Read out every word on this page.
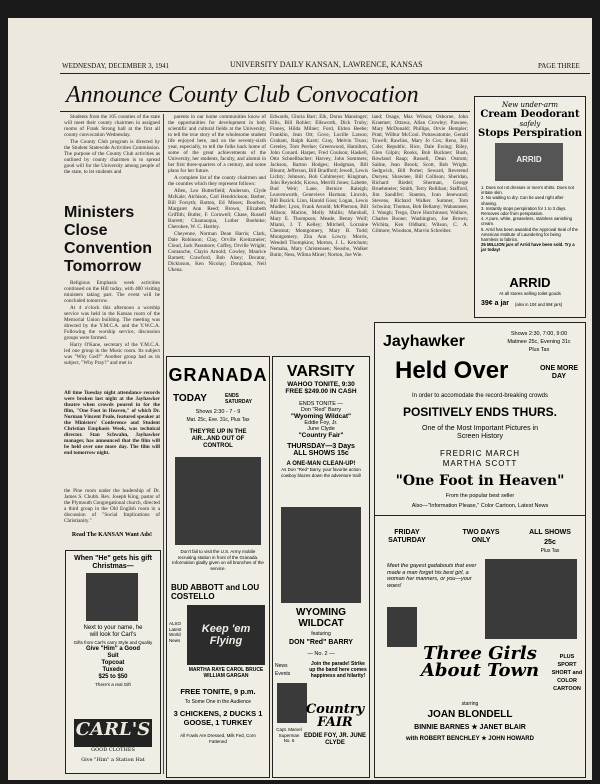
WEDNESDAY, DECEMBER 3, 1941	UNIVERSITY DAILY KANSAN, LAWRENCE, KANSAS	PAGE THREE
Announce County Club Convocation

Students from the 105 counties of the state will meet their county chairmen in assigned rooms of Frank Strong hall at the first all county convocation Wednesday.

The County Club program is directed by the Student Statewide Activities Commission. The purpose of the County Club activities as outlined by county chairmen is to spread good will for the University among people of the state, to let students and

Ministers Close Convention Tomorrow

Religious Emphasis week activities continued on the Hill today, with 400 visiting ministers taking part. The event will be concluded tomorrow.

At 4 o'clock this afternoon a worship service was held in the Kansas room of the Memorial Union building. The meeting was directed by the Y.M.C.A. and the Y.W.C.A. Following the worship service, discussion groups were formed.

Harry O'Kane, secretary of the Y.M.C.A. led one group in the Music room. Its subject was "Why God?" Another group had as its subject, "Why Pray?" and met in

All time Tuesday night attendance records were broken last night at the Jayhawker theatre when crowds poured in for the film, "One Foot in Heaven," of which Dr. Norman Vincent Peale, featured speaker at the Ministers' Conference and Student Christian Emphasis Week, was technical director. Stan Schwahn, Jayhawker manager, has announced that the film will be held over one more day. The film will end tomorrow night.
the Pine room under the leadership of Dr. James S. Chubb. Rev. Joseph King, pastor of the Plymouth Congregational church, directed a third group in the Old English room in a discussion of "Social Implications of Christianity."
Read The KANSAN Want Ads!
When "He" gets his gift Christmas—
Next to your name, he
will look for Carl's
Gifts from Carl's carry Style and Quality
Give "Him" a Good
Suit
Topcoat
Tuxedo
$25 to $50
There's a real Gift
CARL'S
GOOD CLOTHES
Give "Him" a Station Hat

parents in our home communities know of the opportunities for development in both scientific and cultural fields at the University, to tell the true story of the wholesome student life enjoyed here, and on the seventy-sixth year, especially, to tell the folks back home of some of the great achievements of the University, her students, faculty, and alumni in her first three-quarters of a century, and some plans for her future.

A complete list of the county chairmen and the counties which they represent follows:

Allen, Leo Butterfield; Anderson, Clyde McKale; Atchison, Carl Hendrickson; Barber, Bill Forsyth; Barton, Ed Moses; Bourbon, Margaret Ann Reed; Brown, Elizabeth Griffith; Butler, F. Cornwell; Chase, Russell Barrett; Chautauqua, Luther Boehnke; Cherokee, W. C. Hartley.

Cheyenne, Norman Dean Harris; Clark, Dale Robinson; Clay, Orville Kreitzmeier; Cloud, Jack Passmore; Coffey, Orville Wright; Comanche, Clayin Arnold; Cowley, Maurice Barnett; Crawford, Bob Alsey; Decatur, Dickinson, Ken Nicolay; Doniphan, Neil Ukena.

Edwards, Gloria Barr; Elk, Dorus Mansinger; Ellis, Bill Rohler; Ellsworth, Dick Truby; Finney, Hilda Milner; Ford, Eldon Beebe; Franklin, Jean Ott; Gove, Lucille Larson; Graham, Ralph Karst; Gray, Melvin Truax; Greeley, Tom Perdue; Greenwood, Hamilton, John Conard. Harper, Fred Coulson; Haskell, Otto Schnellbacher; Harvey, John Sommers; Jackson, Barton Hodges; Hodgman, Bill Blount; Jefferson, Bill Bradford; Jewell, Lewis Lichty; Johnson, Bob Cohlmeyer; Kingman, John Reynolds; Kiowa, Merrill Jones; Labette, Bud Weir; Lane, Bernice Raleigh; Leavenworth, Genevieve Harman; Lincoln, Bill Bozick. Linn, Harold Goss; Logan, Lewis Mudler; Lyon, Frank Arnold; McPherson, Bill Allison; Marion, Molly Mullis; Marshall, Mary E. Thompson; Meade, Benny Wolf; Miami, J. T. Kelley; Mitchell, Lorraine Chestnut; Montgomery, Mary B. Todd; Montgomery, Zita Ann Lowry. Morris, Wendell Thompkins; Morton, J. L. Ketchum; Nemaha, Mary Christensen; Neosho, Walker Butin; Ness, Wilma Miner; Norton, Joe Wie.
land; Osage, Max Wilson; Osborne, John Kraemer; Ottawa, Allan Crowley; Pawnee, Mary McDonald; Phillips, Orvie Hempler; Pratt, Wilbur McCool. Pottawatomie, Gerald Towell; Rawlins, Mary Jo Cox; Reno, Bill Cole; Republic, Rice, Dale Ewing; Riley, Glen Gilpin; Rooks, Bob Buckner; Rush, Rowland Raup; Russell, Dean Ostrum; Saline, Jean Brook; Scott, Bob Wright. Sedgwick, Bill Porter; Seward, Reverend Duryea; Shawnee, Bill Collison; Sheridan, Richard Riedel; Sherman, George Bruehmeier; Smith, Terry Rellihan; Stafford, Jim Sandifer; Stanton, Ivan Jenewand; Stevens, Richard Walker. Sumner, Tom Schwinn; Thomas, Bob Bellamy; Wabaunsee, J. Waugh; Trego, Dave Hutchinson; Wallace, Charles Boone; Washington, Joe Brown; Wichita, Ken Oldham; Wilson, C. A. Gilmore; Woodson, Marvin Schreiber.
New under-arm
Cream Deodorant
safely
Stops Perspiration
ARRID
1. Does not rot dresses or men's shirts. Does not irritate skin.
2. No waiting to dry. Can be used right after shaving.
3. Instantly stops perspiration for 1 to 3 days. Removes odor from perspiration.
4. A pure, white, greaseless, stainless vanishing cream.
5. Arrid has been awarded the Approval Seal of the American Institute of Laundering for being harmless to fabrics.
25 MILLION jars of Arrid have been sold. Try a jar today!
ARRID
At all stores selling toilet goods
39¢ a jar (also in 10¢ and 59¢ jars)
GRANADA
TODAY	ENDS SATURDAY
Shows 2:30 - 7 - 9
Mat. 25c, Eve. 31c, Plus Tax
THEY'RE UP IN THE AIR...AND OUT OF CONTROL
Don't fail to visit the U.S. Army mobile recruiting station in front of the Granada. Information gladly given on all branches of the service.
BUD ABBOTT and LOU COSTELLO
Keep 'em Flying
ALSO Latest World News
MARTHA RAYE CAROL BRUCE WILLIAM GARGAN
FREE TONITE, 9 p.m.
To Some One in the Audience
3 CHICKENS, 2 DUCKS 1 GOOSE, 1 TURKEY
All Fowls Are Dressed, Milk Fed, Corn Fattened
VARSITY
WAHOO TONITE, 9:30
FREE $249.00 IN CASH
ENDS TONITE —
Don "Red" Barry
"Wyoming Wildcat"
Eddie Foy, Jr.
June Clyde
"Country Fair"
THURSDAY—3 Days
ALL SHOWS 15c
A ONE-MAN CLEAN-UP!
As Don "Red" Barry, your favorite action cowboy blazes down the adventure trail!
WYOMING WILDCAT
featuring
DON "Red" BARRY
— No. 2 —
News
Events
Join the parade! Strike up the band here comes happiness and hilarity!
Country FAIR
EDDIE FOY, JR. JUNE CLYDE
Capt. Marvel Superman No. 6
Jayhawker	Shows 2:30, 7:00, 9:00
Matinee 25c, Evening 31c
Plus Tax
Held Over	ONE MORE DAY
In order to accomodate the record-breaking crowds
POSITIVELY ENDS THURS.
One of the Most Important Pictures in Screen History
FREDRIC MARCH MARTHA SCOTT
"One Foot in Heaven"
From the popular best seller
Also—"Information Please," Color Cartoon, Latest News
FRIDAY SATURDAY
TWO DAYS ONLY
ALL SHOWS
25c
Plus Tax
Meet the gayest gadabouts that ever made a man forget his best girl, a woman her manners, or you—your woes!
Three Girls About Town
starring
JOAN BLONDELL
BINNIE BARNES ★ JANET BLAIR
with ROBERT BENCHLEY ★ JOHN HOWARD
PLUS SPORT SHORT and COLOR CARTOON
